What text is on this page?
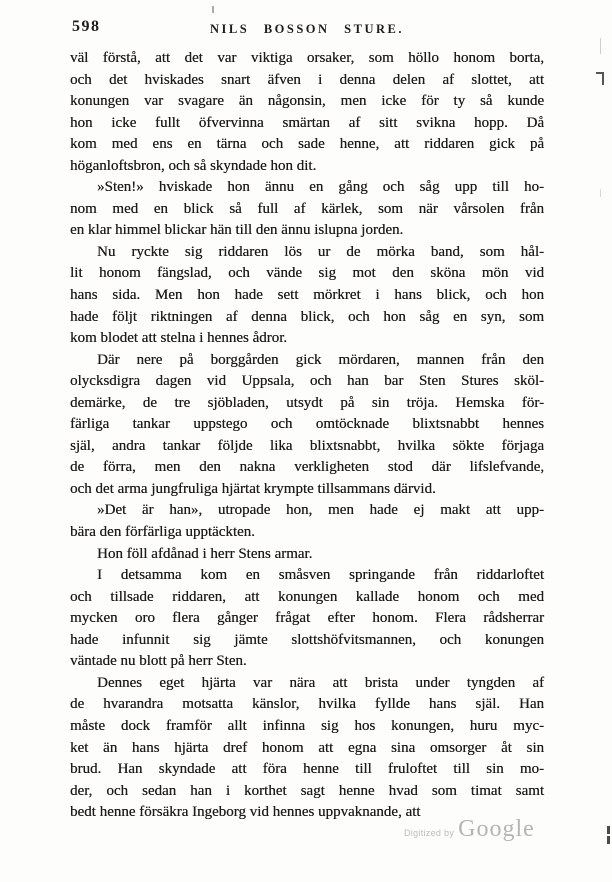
598	NILS BOSSON STURE.
väl förstå, att det var viktiga orsaker, som höllo honom borta,
och det hviskades snart äfven i denna delen af slottet, att
konungen var svagare än någonsin, men icke för ty så kunde
hon icke fullt öfvervinna smärtan af sitt svikna hopp. Då
kom med ens en tärna och sade henne, att riddaren gick på
höganloftsbron, och så skyndade hon dit.
»Sten!» hviskade hon ännu en gång och såg upp till ho-
nom med en blick så full af kärlek, som när vårsolen från
en klar himmel blickar hän till den ännu islupna jorden.
Nu ryckte sig riddaren lös ur de mörka band, som hål-
lit honom fängslad, och vände sig mot den sköna mön vid
hans sida. Men hon hade sett mörkret i hans blick, och hon
hade följt riktningen af denna blick, och hon såg en syn, som
kom blodet att stelna i hennes ådror.
Där nere på borggården gick mördaren, mannen från den
olycksdigra dagen vid Uppsala, och han bar Sten Stures sköl-
demärke, de tre sjöbladen, utsydt på sin tröja. Hemska för-
färliga tankar uppstego och omtöcknade blixtsnabbt hennes
själ, andra tankar följde lika blixtsnabbt, hvilka sökte förjaga
de förra, men den nakna verkligheten stod där lifslefvande,
och det arma jungfruliga hjärtat krympte tillsammans därvid.
»Det är han», utropade hon, men hade ej makt att upp-
bära den förfärliga upptäckten.
Hon föll afdånad i herr Stens armar.
I detsamma kom en småsven springande från riddarloftet
och tillsade riddaren, att konungen kallade honom och med
mycken oro flera gånger frågat efter honom. Flera rådsherrar
hade infunnit sig jämte slottshöfvitsmannen, och konungen
väntade nu blott på herr Sten.
Dennes eget hjärta var nära att brista under tyngden af
de hvarandra motsatta känslor, hvilka fyllde hans själ. Han
måste dock framför allt infinna sig hos konungen, huru myc-
ket än hans hjärta dref honom att egna sina omsorger åt sin
brud. Han skyndade att föra henne till fruloftet till sin mo-
der, och sedan han i korthet sagt henne hvad som timat samt
bedt henne försäkra Ingeborg vid hennes uppvaknande, att
Digitized by Google
